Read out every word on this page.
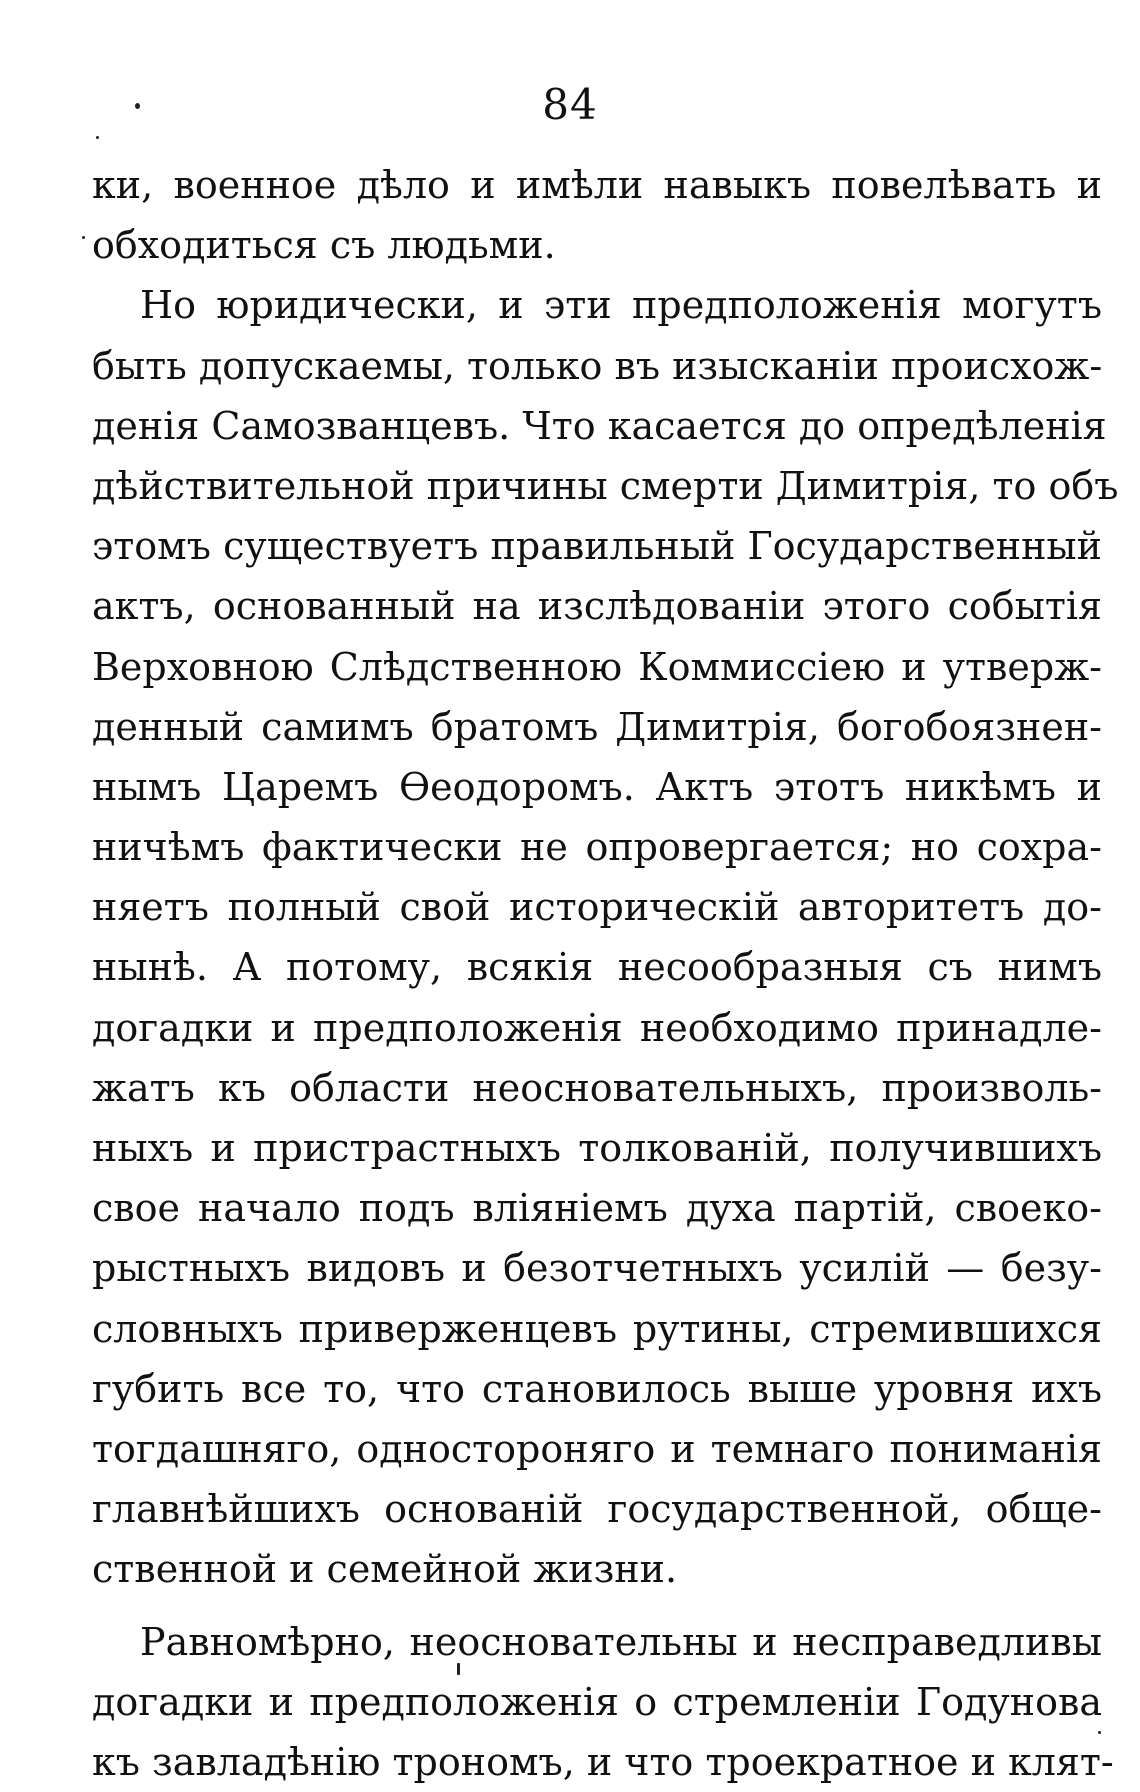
84
ки, военное дѣло и имѣли навыкъ повелѣвать и
обходиться съ людьми.
Но юридически, и эти предположенія могутъ
быть допускаемы, только въ изысканіи происхож-
денія Самозванцевъ. Что касается до опредѣленія
дѣйствительной причины смерти Димитрія, то объ
этомъ существуетъ правильный Государственный
актъ, основанный на изслѣдованіи этого событія
Верховною Слѣдственною Коммиссіею и утверж-
денный самимъ братомъ Димитрія, богобоязнен-
нымъ Царемъ Ѳеодоромъ. Актъ этотъ никѣмъ и
ничѣмъ фактически не опровергается; но сохра-
няетъ полный свой историческій авторитетъ до-
нынѣ. А потому, всякія несообразныя съ нимъ
догадки и предположенія необходимо принадле-
жатъ къ области неосновательныхъ, произволь-
ныхъ и пристрастныхъ толкованій, получившихъ
свое начало подъ вліяніемъ духа партій, своеко-
рыстныхъ видовъ и безотчетныхъ усилій — безу-
словныхъ приверженцевъ рутины, стремившихся
губить все то, что становилось выше уровня ихъ
тогдашняго, одностороняго и темнаго пониманія
главнѣйшихъ основаній государственной, обще-
ственной и семейной жизни.
Равномѣрно, неосновательны и несправедливы
догадки и предположенія о стремленіи Годунова
къ завладѣнію трономъ, и что троекратное и клят-
